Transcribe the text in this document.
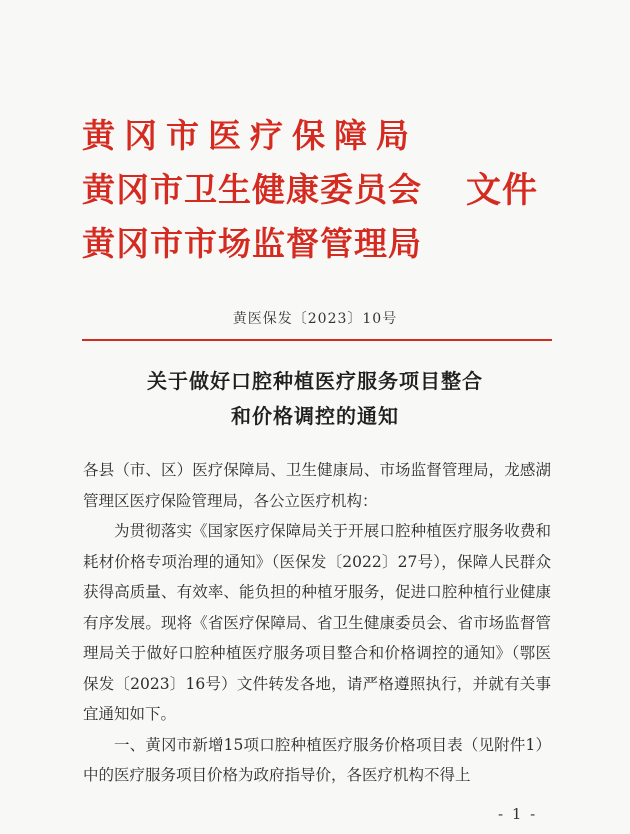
黄冈市医疗保障局
黄冈市卫生健康委员会
黄冈市市场监督管理局
文件
黄医保发〔2023〕10号
关于做好口腔种植医疗服务项目整合
和价格调控的通知

各县（市、区）医疗保障局、卫生健康局、市场监督管理局，龙感湖管理区医疗保险管理局，各公立医疗机构：

为贯彻落实《国家医疗保障局关于开展口腔种植医疗服务收费和耗材价格专项治理的通知》（医保发〔2022〕27号），保障人民群众获得高质量、有效率、能负担的种植牙服务，促进口腔种植行业健康有序发展。现将《省医疗保障局、省卫生健康委员会、省市场监督管理局关于做好口腔种植医疗服务项目整合和价格调控的通知》（鄂医保发〔2023〕16号）文件转发各地，请严格遵照执行，并就有关事宜通知如下。

一、黄冈市新增15项口腔种植医疗服务价格项目表（见附件1）中的医疗服务项目价格为政府指导价，各医疗机构不得上

- 1 -
